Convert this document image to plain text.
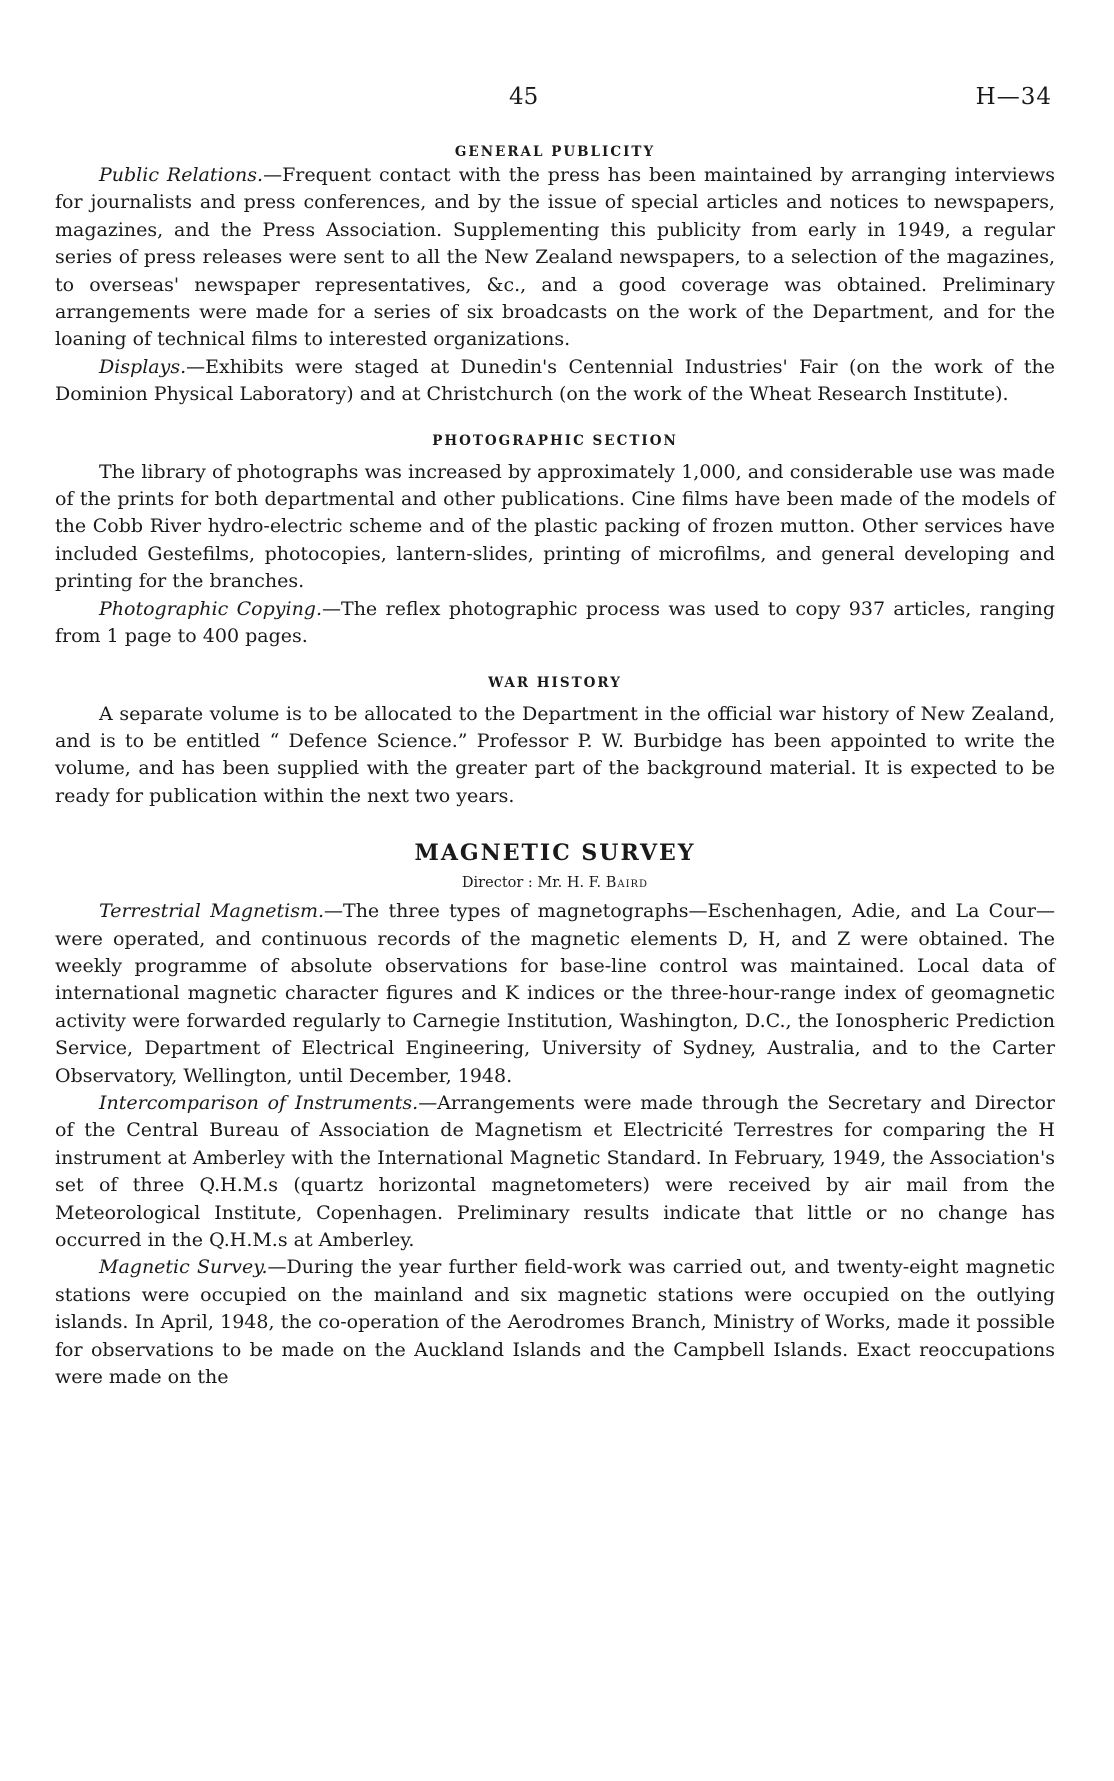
45	H—34
GENERAL PUBLICITY

Public Relations.—Frequent contact with the press has been maintained by arranging interviews for journalists and press conferences, and by the issue of special articles and notices to newspapers, magazines, and the Press Association. Supplementing this publicity from early in 1949, a regular series of press releases were sent to all the New Zealand newspapers, to a selection of the magazines, to overseas' newspaper representatives, &c., and a good coverage was obtained. Preliminary arrangements were made for a series of six broadcasts on the work of the Department, and for the loaning of technical films to interested organizations.

Displays.—Exhibits were staged at Dunedin's Centennial Industries' Fair (on the work of the Dominion Physical Laboratory) and at Christchurch (on the work of the Wheat Research Institute).

PHOTOGRAPHIC SECTION

The library of photographs was increased by approximately 1,000, and considerable use was made of the prints for both departmental and other publications. Cine films have been made of the models of the Cobb River hydro-electric scheme and of the plastic packing of frozen mutton. Other services have included Gestefilms, photocopies, lantern-slides, printing of microfilms, and general developing and printing for the branches.

Photographic Copying.—The reflex photographic process was used to copy 937 articles, ranging from 1 page to 400 pages.

WAR HISTORY

A separate volume is to be allocated to the Department in the official war history of New Zealand, and is to be entitled “ Defence Science.” Professor P. W. Burbidge has been appointed to write the volume, and has been supplied with the greater part of the background material. It is expected to be ready for publication within the next two years.

MAGNETIC SURVEY
Director : Mr. H. F. Baird

Terrestrial Magnetism.—The three types of magnetographs—Eschenhagen, Adie, and La Cour—were operated, and continuous records of the magnetic elements D, H, and Z were obtained. The weekly programme of absolute observations for base-line control was maintained. Local data of international magnetic character figures and K indices or the three-hour-range index of geomagnetic activity were forwarded regularly to Carnegie Institution, Washington, D.C., the Ionospheric Prediction Service, Department of Electrical Engineering, University of Sydney, Australia, and to the Carter Observatory, Wellington, until December, 1948.

Intercomparison of Instruments.—Arrangements were made through the Secretary and Director of the Central Bureau of Association de Magnetism et Electricité Terrestres for comparing the H instrument at Amberley with the International Magnetic Standard. In February, 1949, the Association's set of three Q.H.M.s (quartz horizontal magnetometers) were received by air mail from the Meteorological Institute, Copenhagen. Preliminary results indicate that little or no change has occurred in the Q.H.M.s at Amberley.

Magnetic Survey.—During the year further field-work was carried out, and twenty-eight magnetic stations were occupied on the mainland and six magnetic stations were occupied on the outlying islands. In April, 1948, the co-operation of the Aerodromes Branch, Ministry of Works, made it possible for observations to be made on the Auckland Islands and the Campbell Islands. Exact reoccupations were made on the
